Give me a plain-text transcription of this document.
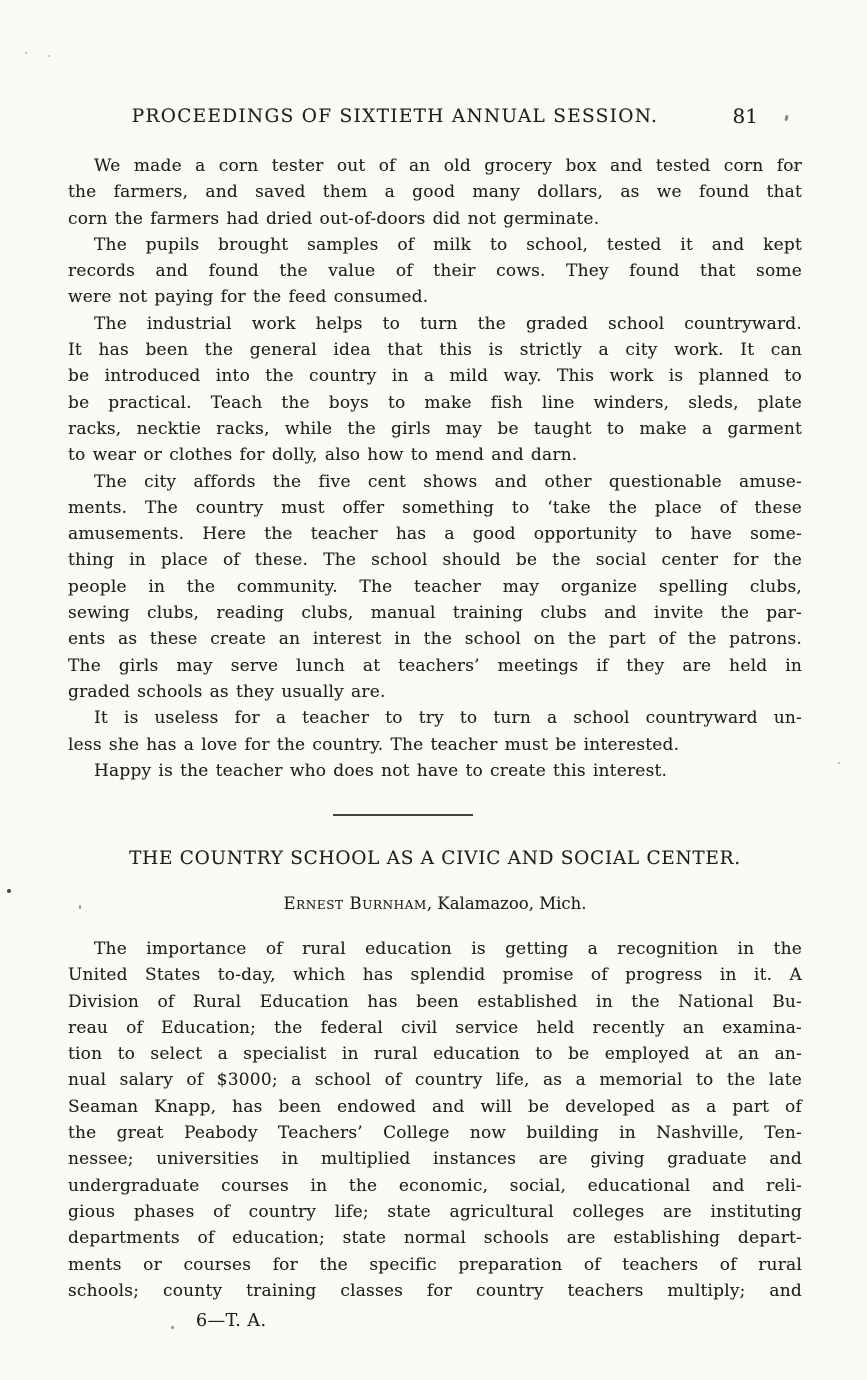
PROCEEDINGS OF SIXTIETH ANNUAL SESSION.	81
We made a corn tester out of an old grocery box and tested corn for
the farmers, and saved them a good many dollars, as we found that
corn the farmers had dried out-of-doors did not germinate.
The pupils brought samples of milk to school, tested it and kept
records and found the value of their cows. They found that some
were not paying for the feed consumed.
The industrial work helps to turn the graded school countryward.
It has been the general idea that this is strictly a city work. It can
be introduced into the country in a mild way. This work is planned to
be practical. Teach the boys to make fish line winders, sleds, plate
racks, necktie racks, while the girls may be taught to make a garment
to wear or clothes for dolly, also how to mend and darn.
The city affords the five cent shows and other questionable amuse-
ments. The country must offer something to ‘take the place of these
amusements. Here the teacher has a good opportunity to have some-
thing in place of these. The school should be the social center for the
people in the community. The teacher may organize spelling clubs,
sewing clubs, reading clubs, manual training clubs and invite the par-
ents as these create an interest in the school on the part of the patrons.
The girls may serve lunch at teachers’ meetings if they are held in
graded schools as they usually are.
It is useless for a teacher to try to turn a school countryward un-
less she has a love for the country. The teacher must be interested.
Happy is the teacher who does not have to create this interest.
THE COUNTRY SCHOOL AS A CIVIC AND SOCIAL CENTER.
Ernest Burnham, Kalamazoo, Mich.
The importance of rural education is getting a recognition in the
United States to-day, which has splendid promise of progress in it. A
Division of Rural Education has been established in the National Bu-
reau of Education; the federal civil service held recently an examina-
tion to select a specialist in rural education to be employed at an an-
nual salary of $3000; a school of country life, as a memorial to the late
Seaman Knapp, has been endowed and will be developed as a part of
the great Peabody Teachers’ College now building in Nashville, Ten-
nessee; universities in multiplied instances are giving graduate and
undergraduate courses in the economic, social, educational and reli-
gious phases of country life; state agricultural colleges are instituting
departments of education; state normal schools are establishing depart-
ments or courses for the specific preparation of teachers of rural
schools; county training classes for country teachers multiply; and
6—T. A.
